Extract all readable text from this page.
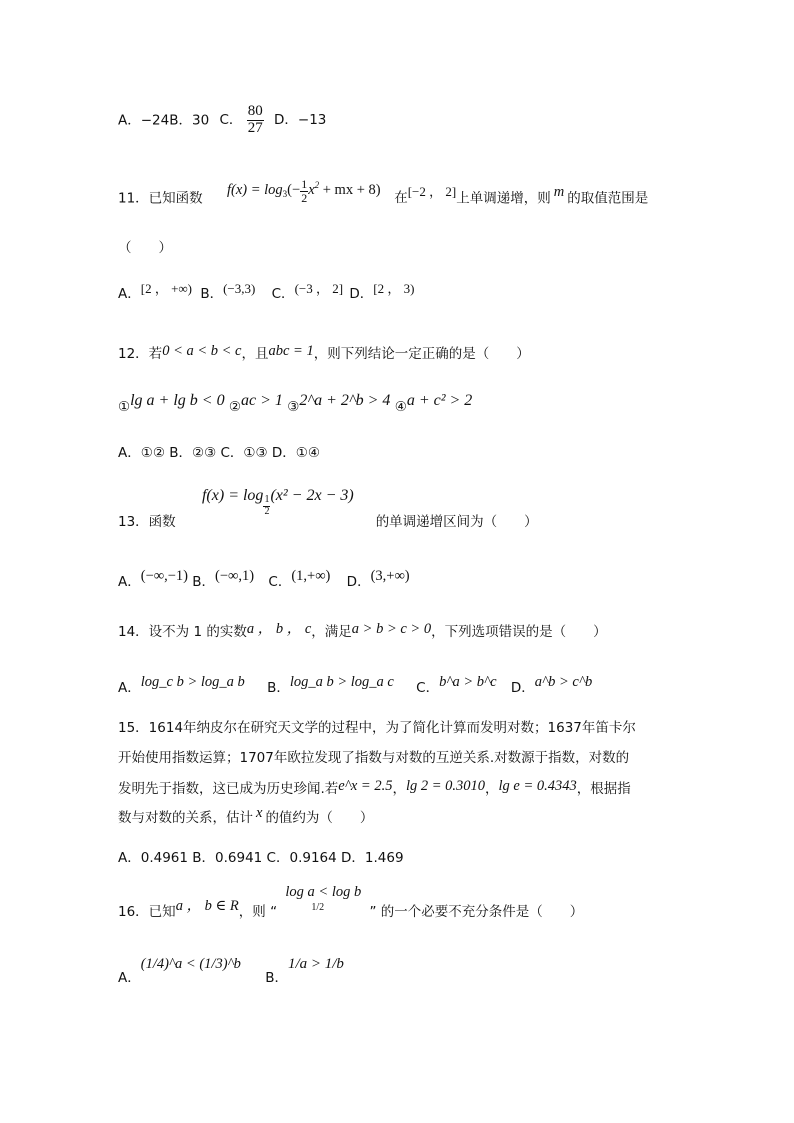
A．−24B．30 C． $\frac{80}{27}$ D．−13
11．已知函数 $f(x) = \log_3(- \frac{1}{2} x^2$ + mx + 8) 在[−2 ， 2]上单调递增，则 m 的取值范围是
（　　）
A．[2 ， +∞) B．(−3,3) C．(−3 ， 2] D．[2 ， 3)
12．若0 < a < b < c，且abc = 1，则下列结论一定正确的是（　　）
①lg a + lg b < 0 ②ac > 1 ③2^a + 2^b > 4 ④a + c² > 2
A．①② B．②③ C．①③ D．①④
13．函数 $f(x) = \log \frac{1}{2} (x^2 - 2x - 3)$ 的单调递增区间为（　　）
A．(−∞,−1) B．(−∞,1) C．(1,+∞) D．(3,+∞)
14．设不为 1 的实数a ， b ， c，满足a > b > c > 0，下列选项错误的是（　　）
A．log_c b > log_a b B．log_a b > log_a c C．b^a > b^c D．a^b > c^b
15．1614年纳皮尔在研究天文学的过程中，为了简化计算而发明对数；1637年笛卡尔
开始使用指数运算；1707年欧拉发现了指数与对数的互逆关系.对数源于指数，对数的
发明先于指数，这已成为历史珍闻.若e^x = 2.5，lg 2 = 0.3010，lg e = 0.4343，根据指
数与对数的关系，估计 x 的值约为（　　）
A．0.4961 B．0.6941 C．0.9164 D．1.469
16．已知a ， b ∈ R，则 “ log a < log b
1/2	” 的一个必要不充分条件是（　　）
A．(1/4)^a < (1/3)^b B．1/a > 1/b
